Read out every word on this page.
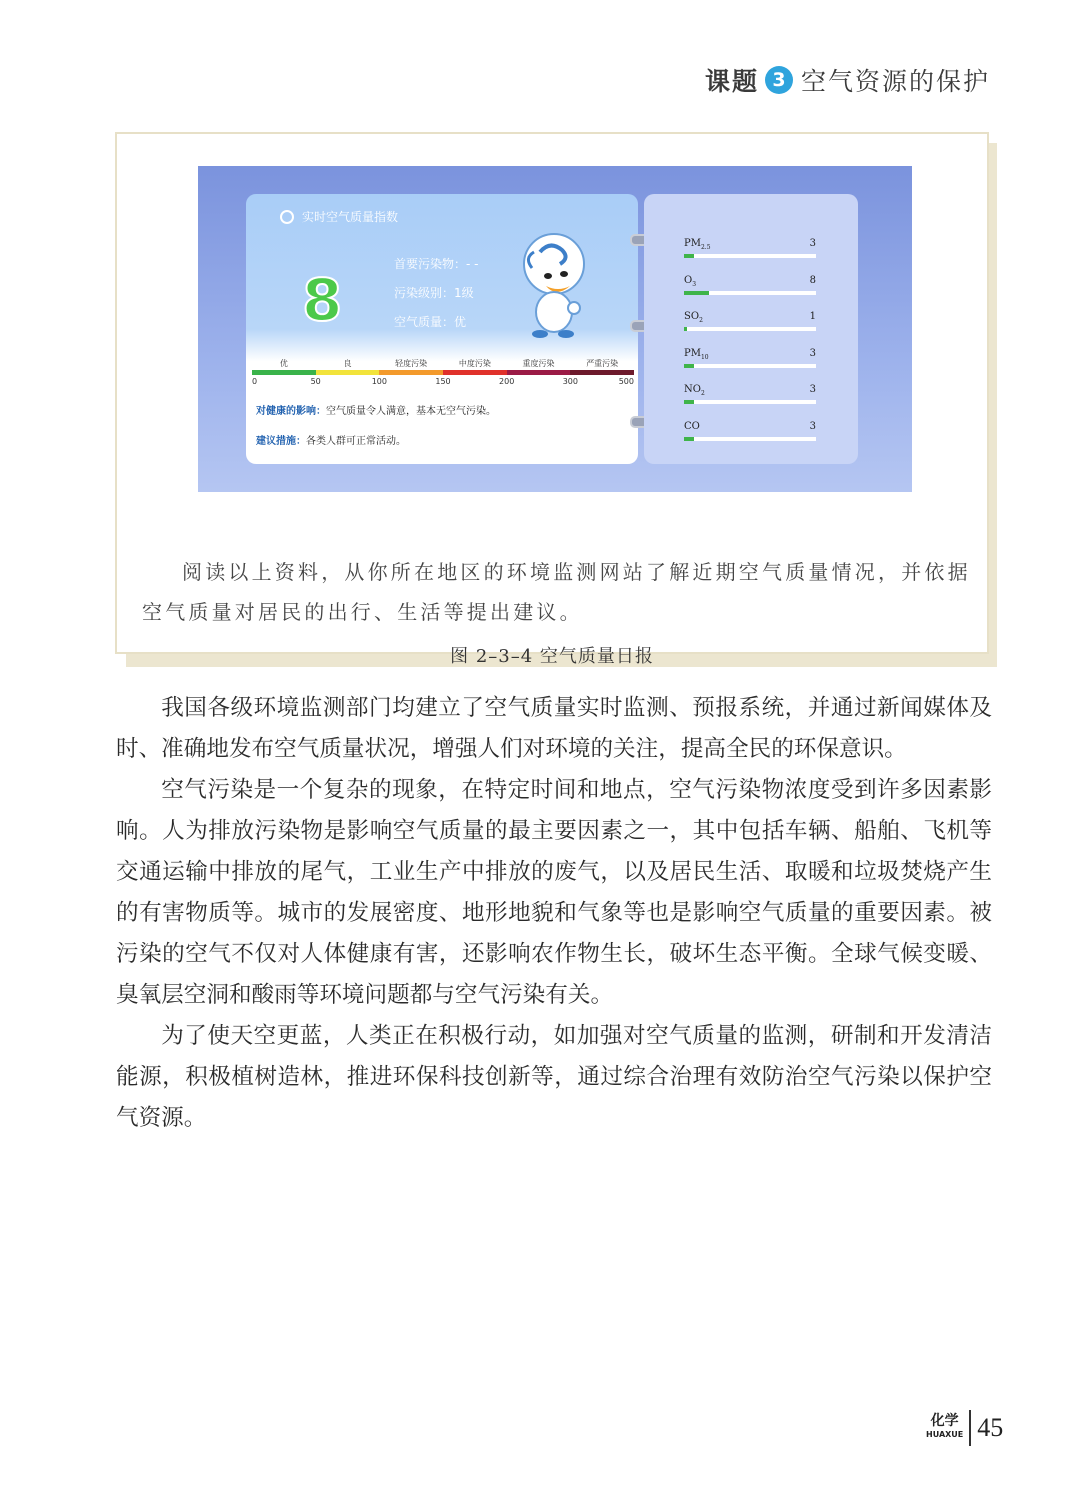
课题 3 空气资源的保护
图 2–3–4 空气质量日报

阅读以上资料，从你所在地区的环境监测网站了解近期空气质量情况，并依据空气质量对居民的出行、生活等提出建议。

实时空气质量指数
8
首要污染物：- -
污染级别：1级
空气质量：优
优	良	轻度污染	中度污染	重度污染	严重污染
0	50	100	150	200	300	500
对健康的影响：空气质量令人满意，基本无空气污染。
建议措施：各类人群可正常活动。
$PM_{2.5}$	3
$O_3$	8
$SO_2$	1
$PM_{10}$	3
$NO_2$	3
CO	3

我国各级环境监测部门均建立了空气质量实时监测、预报系统，并通过新闻媒体及时、准确地发布空气质量状况，增强人们对环境的关注，提高全民的环保意识。

空气污染是一个复杂的现象，在特定时间和地点，空气污染物浓度受到许多因素影响。人为排放污染物是影响空气质量的最主要因素之一，其中包括车辆、船舶、飞机等交通运输中排放的尾气，工业生产中排放的废气，以及居民生活、取暖和垃圾焚烧产生的有害物质等。城市的发展密度、地形地貌和气象等也是影响空气质量的重要因素。被污染的空气不仅对人体健康有害，还影响农作物生长，破坏生态平衡。全球气候变暖、臭氧层空洞和酸雨等环境问题都与空气污染有关。

为了使天空更蓝，人类正在积极行动，如加强对空气质量的监测，研制和开发清洁能源，积极植树造林，推进环保科技创新等，通过综合治理有效防治空气污染以保护空气资源。

化学
HUAXUE 45
